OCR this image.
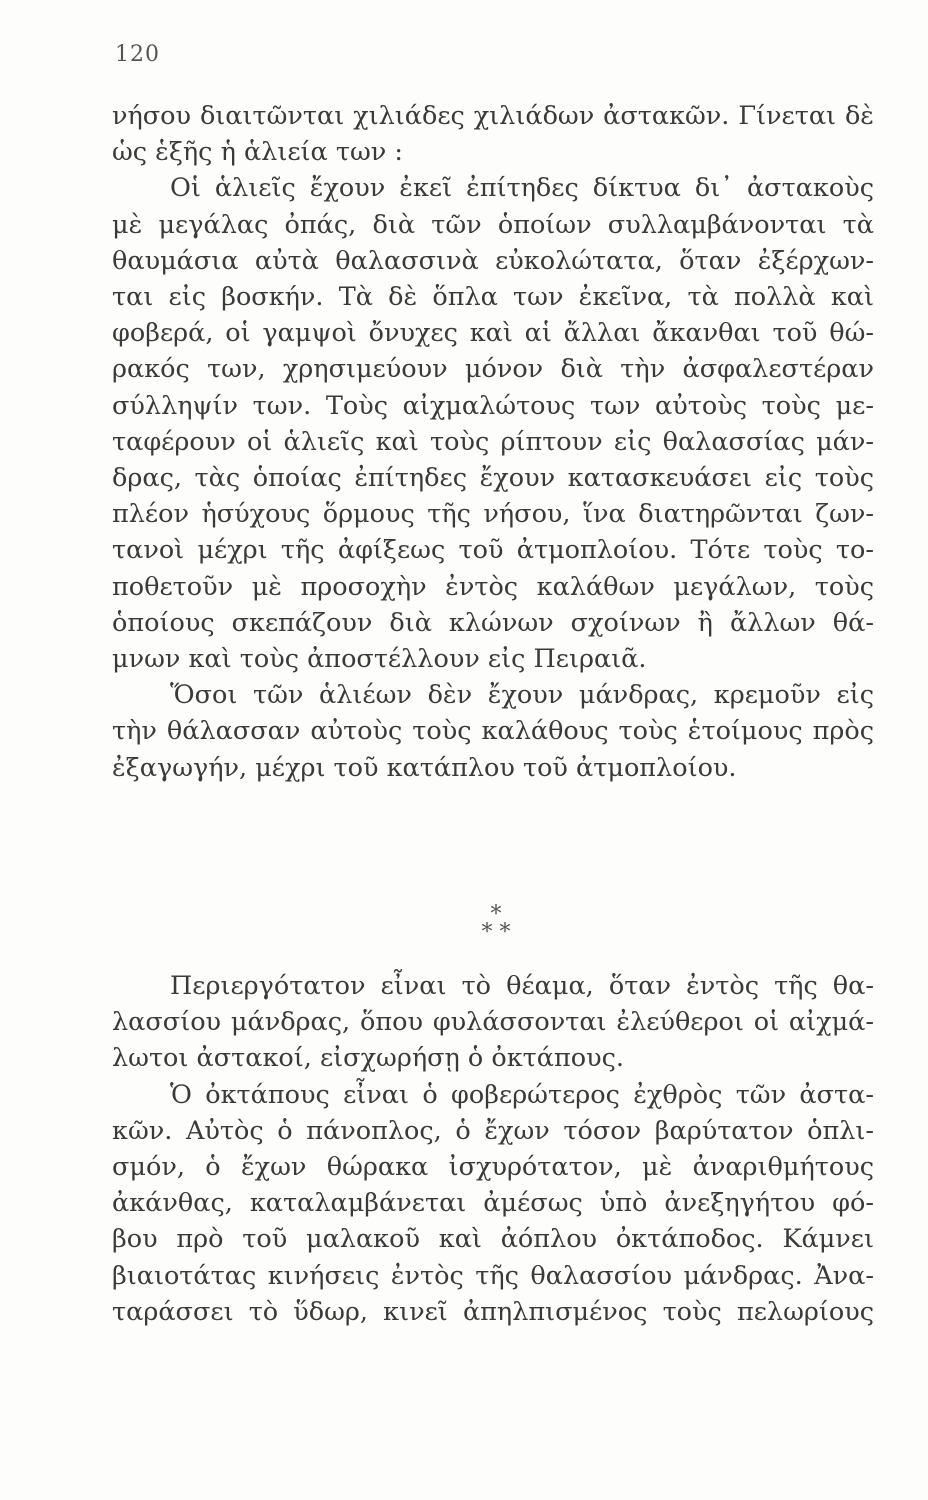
120
νήσου διαιτῶνται χιλιάδες χιλιάδων ἀστακῶν. Γίνεται δὲ
ὡς ἑξῆς ἡ ἁλιεία των :
Οἱ ἁλιεῖς ἔχουν ἐκεῖ ἐπίτηδες δίκτυα δι᾽ ἀστακοὺς
μὲ μεγάλας ὀπάς, διὰ τῶν ὁποίων συλλαμβάνονται τὰ
θαυμάσια αὐτὰ θαλασσινὰ εὐκολώτατα, ὅταν ἐξέρχων-
ται εἰς βοσκήν. Τὰ δὲ ὅπλα των ἐκεῖνα, τὰ πολλὰ καὶ
φοβερά, οἱ γαμψοὶ ὄνυχες καὶ αἱ ἄλλαι ἄκανθαι τοῦ θώ-
ρακός των, χρησιμεύουν μόνον διὰ τὴν ἀσφαλεστέραν
σύλληψίν των. Τοὺς αἰχμαλώτους των αὐτοὺς τοὺς με-
ταφέρουν οἱ ἁλιεῖς καὶ τοὺς ρίπτουν εἰς θαλασσίας μάν-
δρας, τὰς ὁποίας ἐπίτηδες ἔχουν κατασκευάσει εἰς τοὺς
πλέον ἡσύχους ὅρμους τῆς νήσου, ἵνα διατηρῶνται ζων-
τανοὶ μέχρι τῆς ἀφίξεως τοῦ ἀτμοπλοίου. Τότε τοὺς το-
ποθετοῦν μὲ προσοχὴν ἐντὸς καλάθων μεγάλων, τοὺς
ὁποίους σκεπάζουν διὰ κλώνων σχοίνων ἢ ἄλλων θά-
μνων καὶ τοὺς ἀποστέλλουν εἰς Πειραιᾶ.
Ὅσοι τῶν ἁλιέων δὲν ἔχουν μάνδρας, κρεμοῦν εἰς
τὴν θάλασσαν αὐτοὺς τοὺς καλάθους τοὺς ἑτοίμους πρὸς
ἐξαγωγήν, μέχρι τοῦ κατάπλου τοῦ ἀτμοπλοίου.
*
* *
Περιεργότατον εἶναι τὸ θέαμα, ὅταν ἐντὸς τῆς θα-
λασσίου μάνδρας, ὅπου φυλάσσονται ἐλεύθεροι οἱ αἰχμά-
λωτοι ἀστακοί, εἰσχωρήσῃ ὁ ὀκτάπους.
Ὁ ὀκτάπους εἶναι ὁ φοβερώτερος ἐχθρὸς τῶν ἀστα-
κῶν. Αὐτὸς ὁ πάνοπλος, ὁ ἔχων τόσον βαρύτατον ὁπλι-
σμόν, ὁ ἔχων θώρακα ἰσχυρότατον, μὲ ἀναριθμήτους
ἀκάνθας, καταλαμβάνεται ἀμέσως ὑπὸ ἀνεξηγήτου φό-
βου πρὸ τοῦ μαλακοῦ καὶ ἀόπλου ὀκτάποδος. Κάμνει
βιαιοτάτας κινήσεις ἐντὸς τῆς θαλασσίου μάνδρας. Ἀνα-
ταράσσει τὸ ὕδωρ, κινεῖ ἀπηλπισμένος τοὺς πελωρίους
